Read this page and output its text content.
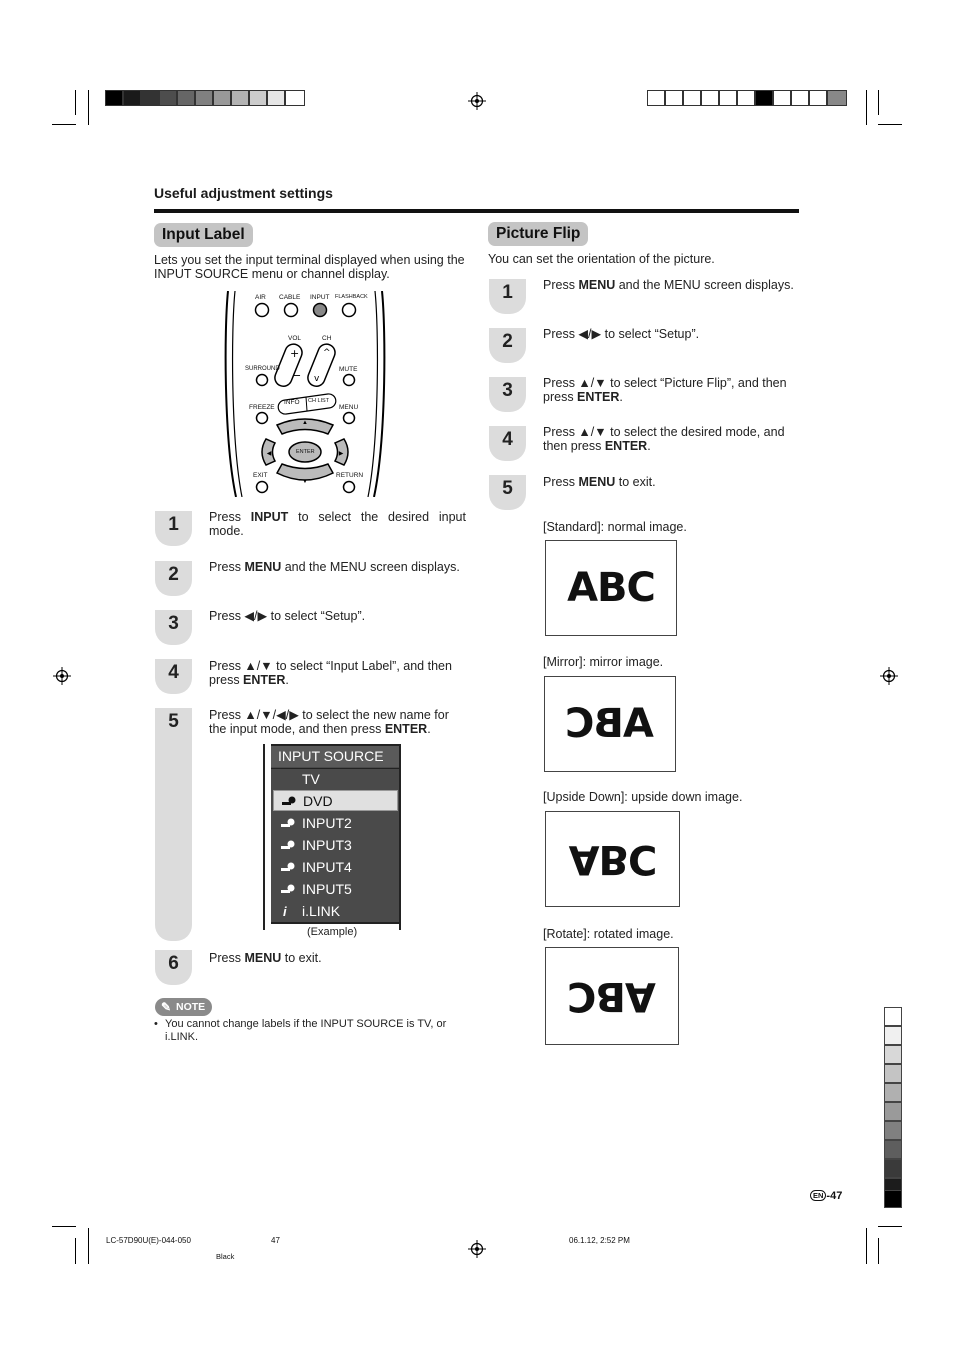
Useful adjustment settings
Input Label
Lets you set the input terminal displayed when using the INPUT SOURCE menu or channel display.
+
−
^
v
▲
▼
◀	▶
AIR CABLE INPUT FLASHBACK
VOL	CH
SURROUND	MUTE
FREEZE
INFO CH LIST
MENU
ENTER
EXIT	RETURN
1	Press INPUT to select the desired input mode.
2	Press MENU and the MENU screen displays.
3	Press ◀/▶ to select “Setup”.
4	Press ▲/▼ to select “Input Label”, and then press ENTER.
5	Press ▲/▼/◀/▶ to select the new name for the input mode, and then press ENTER.
INPUT SOURCE
TV
DVD
INPUT2
INPUT3
INPUT4
INPUT5
i i.LINK
(Example)
6	Press MENU to exit.
✎ NOTE
• You cannot change labels if the INPUT SOURCE is TV, or i.LINK.
Picture Flip
You can set the orientation of the picture.
1	Press MENU and the MENU screen displays.
2	Press ◀/▶ to select “Setup”.
3	Press ▲/▼ to select “Picture Flip”, and then press ENTER.
4	Press ▲/▼ to select the desired mode, and then press ENTER.
5	Press MENU to exit.
[Standard]: normal image.
ABC
[Mirror]: mirror image.
ABC
[Upside Down]: upside down image.
ABC
[Rotate]: rotated image.
ABC
EN -47
LC-57D90U(E)-044-050	47	06.1.12, 2:52 PM
Black
